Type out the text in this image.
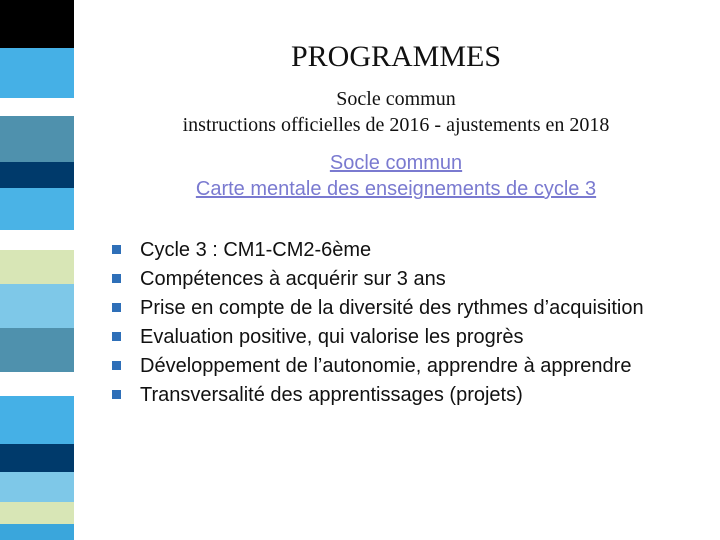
PROGRAMMES
Socle commun
instructions officielles de 2016 - ajustements en 2018
Socle commun
Carte mentale des enseignements de cycle 3
Cycle 3 : CM1-CM2-6ème
Compétences à acquérir sur 3 ans
Prise en compte de la diversité des rythmes d’acquisition
Evaluation positive, qui valorise les progrès
Développement de l’autonomie, apprendre à apprendre
Transversalité des apprentissages (projets)
